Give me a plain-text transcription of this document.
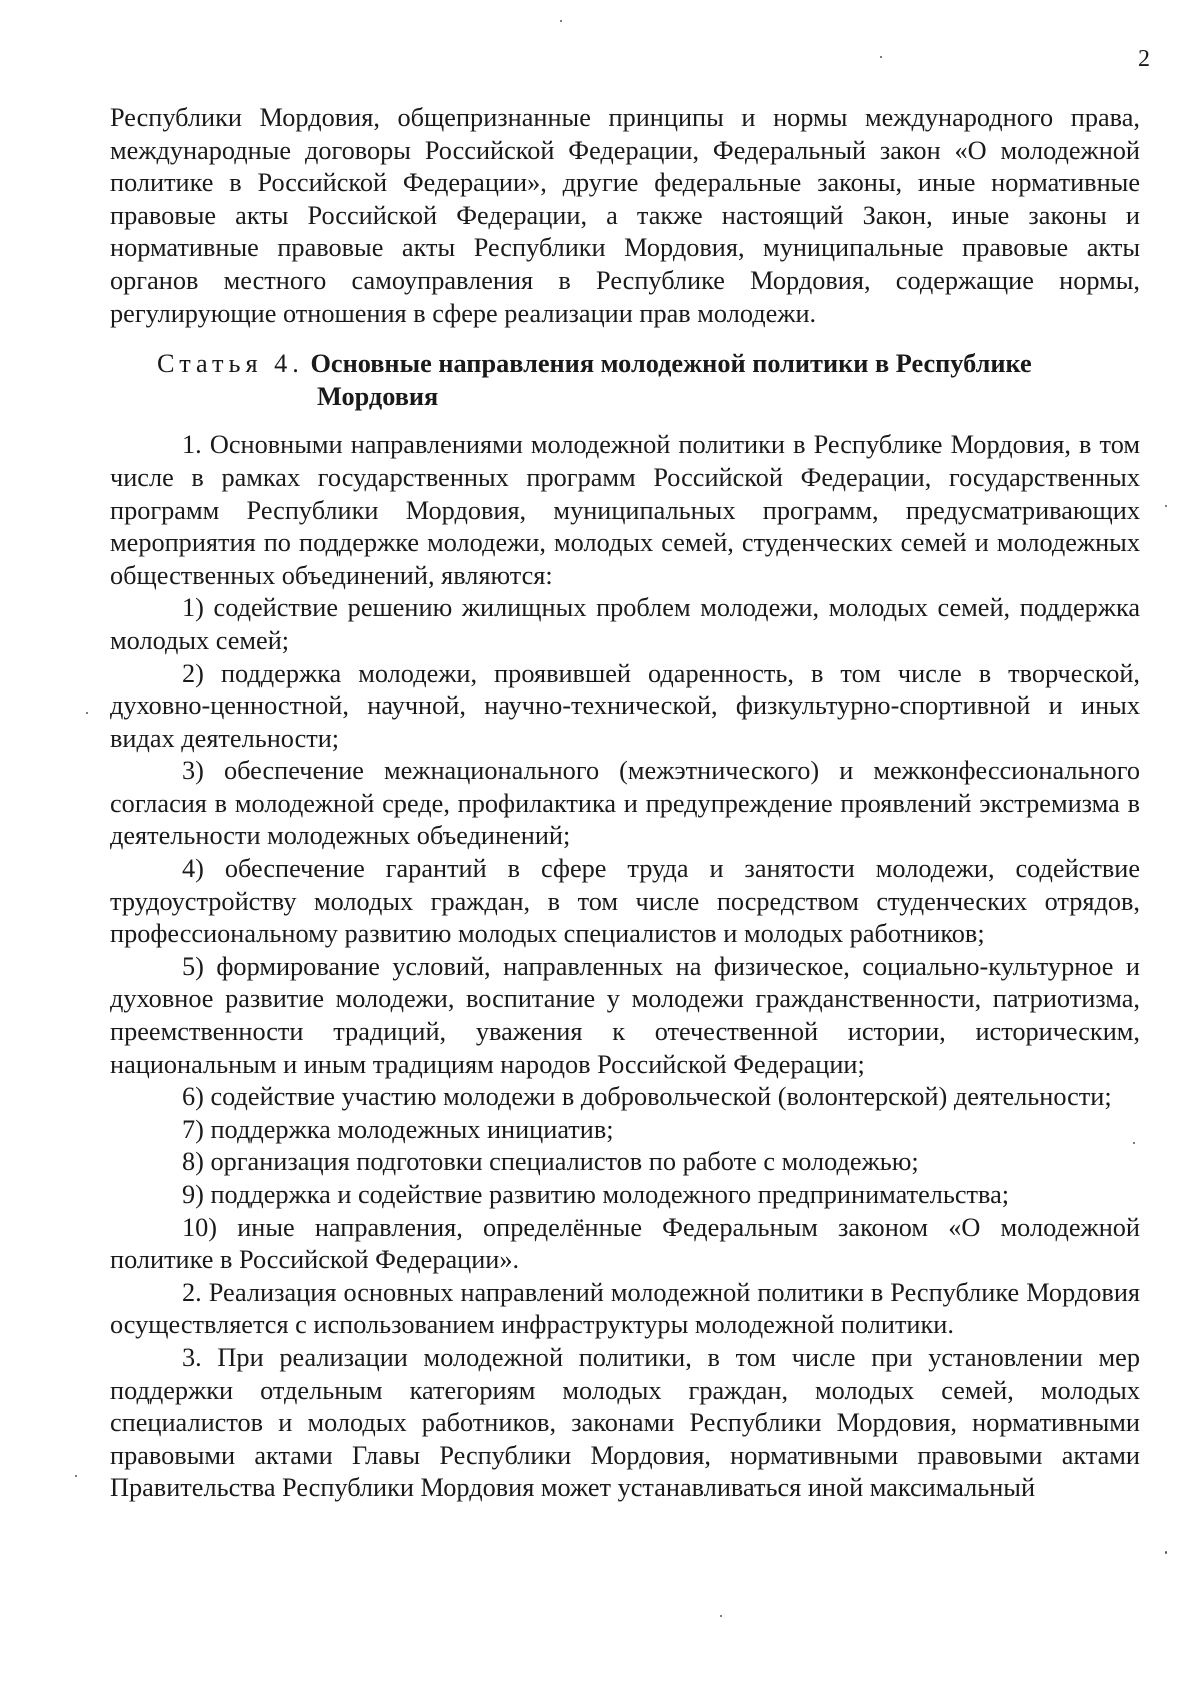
2

Республики Мордовия, общепризнанные принципы и нормы международного права, международные договоры Российской Федерации, Федеральный закон «О молодежной политике в Российской Федерации», другие федеральные законы, иные нормативные правовые акты Российской Федерации, а также настоящий Закон, иные законы и нормативные правовые акты Республики Мордовия, муниципальные правовые акты органов местного самоуправления в Республике Мордовия, содержащие нормы, регулирующие отношения в сфере реализации прав молодежи.

Статья 4. Основные направления молодежной политики в Республике Мордовия

1. Основными направлениями молодежной политики в Республике Мордовия, в том числе в рамках государственных программ Российской Федерации, государственных программ Республики Мордовия, муниципальных программ, предусматривающих мероприятия по поддержке молодежи, молодых семей, студенческих семей и молодежных общественных объединений, являются:

1) содействие решению жилищных проблем молодежи, молодых семей, поддержка молодых семей;

2) поддержка молодежи, проявившей одаренность, в том числе в творческой, духовно-ценностной, научной, научно-технической, физкультурно-спортивной и иных видах деятельности;

3) обеспечение межнационального (межэтнического) и межконфессионального согласия в молодежной среде, профилактика и предупреждение проявлений экстремизма в деятельности молодежных объединений;

4) обеспечение гарантий в сфере труда и занятости молодежи, содействие трудоустройству молодых граждан, в том числе посредством студенческих отрядов, профессиональному развитию молодых специалистов и молодых работников;

5) формирование условий, направленных на физическое, социально-культурное и духовное развитие молодежи, воспитание у молодежи гражданственности, патриотизма, преемственности традиций, уважения к отечественной истории, историческим, национальным и иным традициям народов Российской Федерации;

6) содействие участию молодежи в добровольческой (волонтерской) деятельности;

7) поддержка молодежных инициатив;

8) организация подготовки специалистов по работе с молодежью;

9) поддержка и содействие развитию молодежного предпринимательства;

10) иные направления, определённые Федеральным законом «О молодежной политике в Российской Федерации».

2. Реализация основных направлений молодежной политики в Республике Мордовия осуществляется с использованием инфраструктуры молодежной политики.

3. При реализации молодежной политики, в том числе при установлении мер поддержки отдельным категориям молодых граждан, молодых семей, молодых специалистов и молодых работников, законами Республики Мордовия, нормативными правовыми актами Главы Республики Мордовия, нормативными правовыми актами Правительства Республики Мордовия может устанавливаться иной максимальный
